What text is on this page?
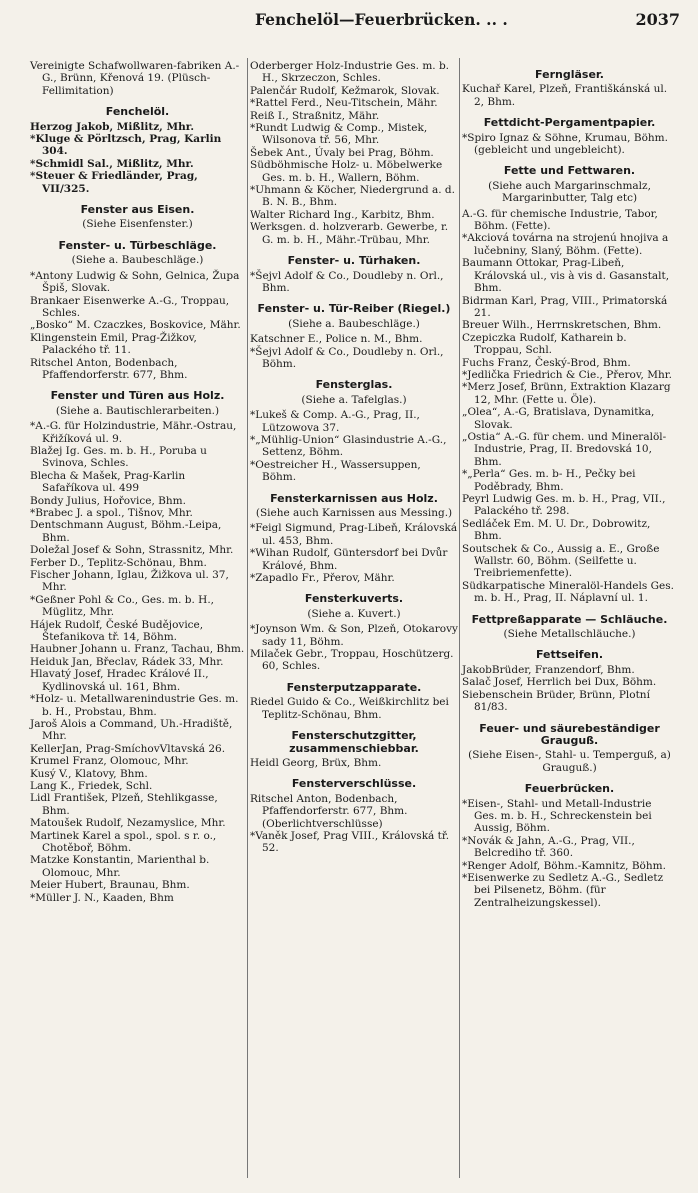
Fenchelöl—Feuerbrücken. .. .	2037
Vereinigte Schafwollwaren-fabriken A.-G., Brünn, Křenová 19. (Plüsch-Fellimitation)
Fenchelöl.
Herzog Jakob, Mißlitz, Mhr.
*Kluge & Pörltzsch, Prag, Karlin 304.
*Schmidl Sal., Mißlitz, Mhr.
*Steuer & Friedländer, Prag, VII/325.
Fenster aus Eisen.
(Siehe Eisenfenster.)
Fenster- u. Türbeschläge.
(Siehe a. Baubeschläge.)
*Antony Ludwig & Sohn, Gelnica, Župa Špiš, Slovak.
Brankaer Eisenwerke A.-G., Troppau, Schles.
„Bosko“ M. Czaczkes, Boskovice, Mähr.
Klingenstein Emil, Prag-Žižkov, Palackého tř. 11.
Ritschel Anton, Bodenbach, Pfaffendorferstr. 677, Bhm.
Fenster und Türen aus Holz.
(Siehe a. Bautischlerarbeiten.)
*A.-G. für Holzindustrie, Mähr.-Ostrau, Křižíková ul. 9.
Blažej Ig. Ges. m. b. H., Poruba u Svinova, Schles.
Blecha & Mašek, Prag-Karlin Safaříkova ul. 499
Bondy Julius, Hořovice, Bhm.
*Brabec J. a spol., Tišnov, Mhr.
Dentschmann August, Böhm.-Leipa, Bhm.
Doležal Josef & Sohn, Strassnitz, Mhr.
Ferber D., Teplitz-Schönau, Bhm.
Fischer Johann, Iglau, Žižkova ul. 37, Mhr.
*Geßner Pohl & Co., Ges. m. b. H., Müglitz, Mhr.
Hájek Rudolf, České Budějovice, Štefanikova tř. 14, Böhm.
Haubner Johann u. Franz, Tachau, Bhm.
Heiduk Jan, Břeclav, Rádek 33, Mhr.
Hlavatý Josef, Hradec Králové II., Kydlinovská ul. 161, Bhm.
*Holz- u. Metallwarenindustrie Ges. m. b. H., Probstau, Bhm.
Jaroš Alois a Command, Uh.-Hradiště, Mhr.
KellerJan, Prag-SmíchovVltavská 26.
Krumel Franz, Olomouc, Mhr.
Kusý V., Klatovy, Bhm.
Lang K., Friedek, Schl.
Lidl František, Plzeň, Stehlikgasse, Bhm.
Matoušek Rudolf, Nezamyslice, Mhr.
Martinek Karel a spol., spol. s r. o., Chotěboř, Böhm.
Matzke Konstantin, Marienthal b. Olomouc, Mhr.
Meier Hubert, Braunau, Bhm.
*Müller J. N., Kaaden, Bhm
Oderberger Holz-Industrie Ges. m. b. H., Skrzeczon, Schles.
Palenčár Rudolf, Kežmarok, Slovak.
*Rattel Ferd., Neu-Titschein, Mähr.
Reiß I., Straßnitz, Mähr.
*Rundt Ludwig & Comp., Mistek, Wilsonova tř. 56, Mhr.
Šebek Ant., Úvaly bei Prag, Böhm.
Südböhmische Holz- u. Möbelwerke Ges. m. b. H., Wallern, Böhm.
*Uhmann & Köcher, Niedergrund a. d. B. N. B., Bhm.
Walter Richard Ing., Karbitz, Bhm.
Werksgen. d. holzverarb. Gewerbe, r. G. m. b. H., Mähr.-Trübau, Mhr.
Fenster- u. Türhaken.
*Šejvl Adolf & Co., Doudleby n. Orl., Bhm.
Fenster- u. Tür-Reiber (Riegel.)
(Siehe a. Baubeschläge.)
Katschner E., Police n. M., Bhm.
*Šejvl Adolf & Co., Doudleby n. Orl., Böhm.
Fensterglas.
(Siehe a. Tafelglas.)
*Lukeš & Comp. A.-G., Prag, II., Lützowova 37.
*„Mühlig-Union“ Glasindustrie A.-G., Settenz, Böhm.
*Oestreicher H., Wassersuppen, Böhm.
Fensterkarnissen aus Holz.
(Siehe auch Karnissen aus Messing.)
*Feigl Sigmund, Prag-Libeň, Královská ul. 453, Bhm.
*Wihan Rudolf, Güntersdorf bei Dvůr Králové, Bhm.
*Zapadlo Fr., Přerov, Mähr.
Fensterkuverts.
(Siehe a. Kuvert.)
*Joynson Wm. & Son, Plzeň, Otokarovy sady 11, Böhm.
Milaček Gebr., Troppau, Hoschützerg. 60, Schles.
Fensterputzapparate.
Riedel Guido & Co., Weißkirchlitz bei Teplitz-Schönau, Bhm.
Fensterschutzgitter, zusammenschiebbar.
Heidl Georg, Brüx, Bhm.
Fensterverschlüsse.
Ritschel Anton, Bodenbach, Pfaffendorferstr. 677, Bhm. (Oberlichtverschlüsse)
*Vaněk Josef, Prag VIII., Královská tř. 52.
Ferngläser.
Kuchař Karel, Plzeň, Františkánská ul. 2, Bhm.
Fettdicht-Pergamentpapier.
*Spiro Ignaz & Söhne, Krumau, Böhm. (gebleicht und ungebleicht).
Fette und Fettwaren.
(Siehe auch Margarinschmalz, Margarinbutter, Talg etc)
A.-G. für chemische Industrie, Tabor, Böhm. (Fette).
*Akciová továrna na strojenú hnojiva a lučebniny, Slaný, Böhm. (Fette).
Baumann Ottokar, Prag-Libeň, Královská ul., vis à vis d. Gasanstalt, Bhm.
Bidrman Karl, Prag, VIII., Primatorská 21.
Breuer Wilh., Herrnskretschen, Bhm.
Czepiczka Rudolf, Katharein b. Troppau, Schl.
Fuchs Franz, Český-Brod, Bhm.
*Jedlička Friedrich & Cie., Přerov, Mhr.
*Merz Josef, Brünn, Extraktion Klazarg 12, Mhr. (Fette u. Öle).
„Olea“, A.-G, Bratislava, Dynamitka, Slovak.
„Ostia“ A.-G. für chem. und Mineralöl-Industrie, Prag, II. Bredovská 10, Bhm.
*„Perla“ Ges. m. b- H., Pečky bei Poděbrady, Bhm.
Peyrl Ludwig Ges. m. b. H., Prag, VII., Palackého tř. 298.
Sedláček Em. M. U. Dr., Dobrowitz, Bhm.
Soutschek & Co., Aussig a. E., Große Wallstr. 60, Böhm. (Seilfette u. Treibriemenfette).
Südkarpatische Mineralöl-Handels Ges. m. b. H., Prag, II. Náplavní ul. 1.
Fettpreßapparate — Schläuche.
(Siehe Metallschläuche.)
Fettseifen.
JakobBrüder, Franzendorf, Bhm.
Salač Josef, Herrlich bei Dux, Böhm.
Siebenschein Brüder, Brünn, Plotní 81/83.
Feuer- und säurebeständiger Grauguß.
(Siehe Eisen-, Stahl- u. Temperguß, a) Grauguß.)
Feuerbrücken.
*Eisen-, Stahl- und Metall-Industrie Ges. m. b. H., Schreckenstein bei Aussig, Böhm.
*Novák & Jahn, A.-G., Prag, VII., Belcrediho tř. 360.
*Renger Adolf, Böhm.-Kamnitz, Böhm.
*Eisenwerke zu Sedletz A.-G., Sedletz bei Pilsenetz, Böhm. (für Zentralheizungskessel).
